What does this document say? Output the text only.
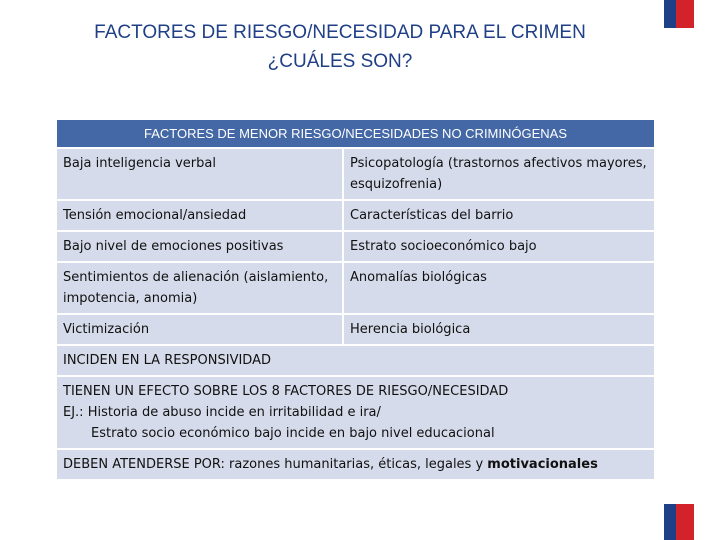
FACTORES DE RIESGO/NECESIDAD PARA EL CRIMEN
¿CUÁLES SON?
FACTORES DE MENOR RIESGO/NECESIDADES NO CRIMINÓGENAS	
Baja inteligencia verbal	Psicopatología (trastornos afectivos mayores, esquizofrenia)
Tensión emocional/ansiedad	Características del barrio
Bajo nivel de emociones positivas	Estrato socioeconómico bajo
Sentimientos de alienación (aislamiento, impotencia, anomia)	Anomalías biológicas
Victimización	Herencia biológica
INCIDEN EN LA RESPONSIVIDAD	
TIENEN UN EFECTO SOBRE LOS 8 FACTORES DE RIESGO/NECESIDAD
EJ.: Historia de abuso incide en irritabilidad e ira/

Estrato socio económico bajo incide en bajo nivel educacional	

DEBEN ATENDERSE POR: razones humanitarias, éticas, legales y motivacionales	
